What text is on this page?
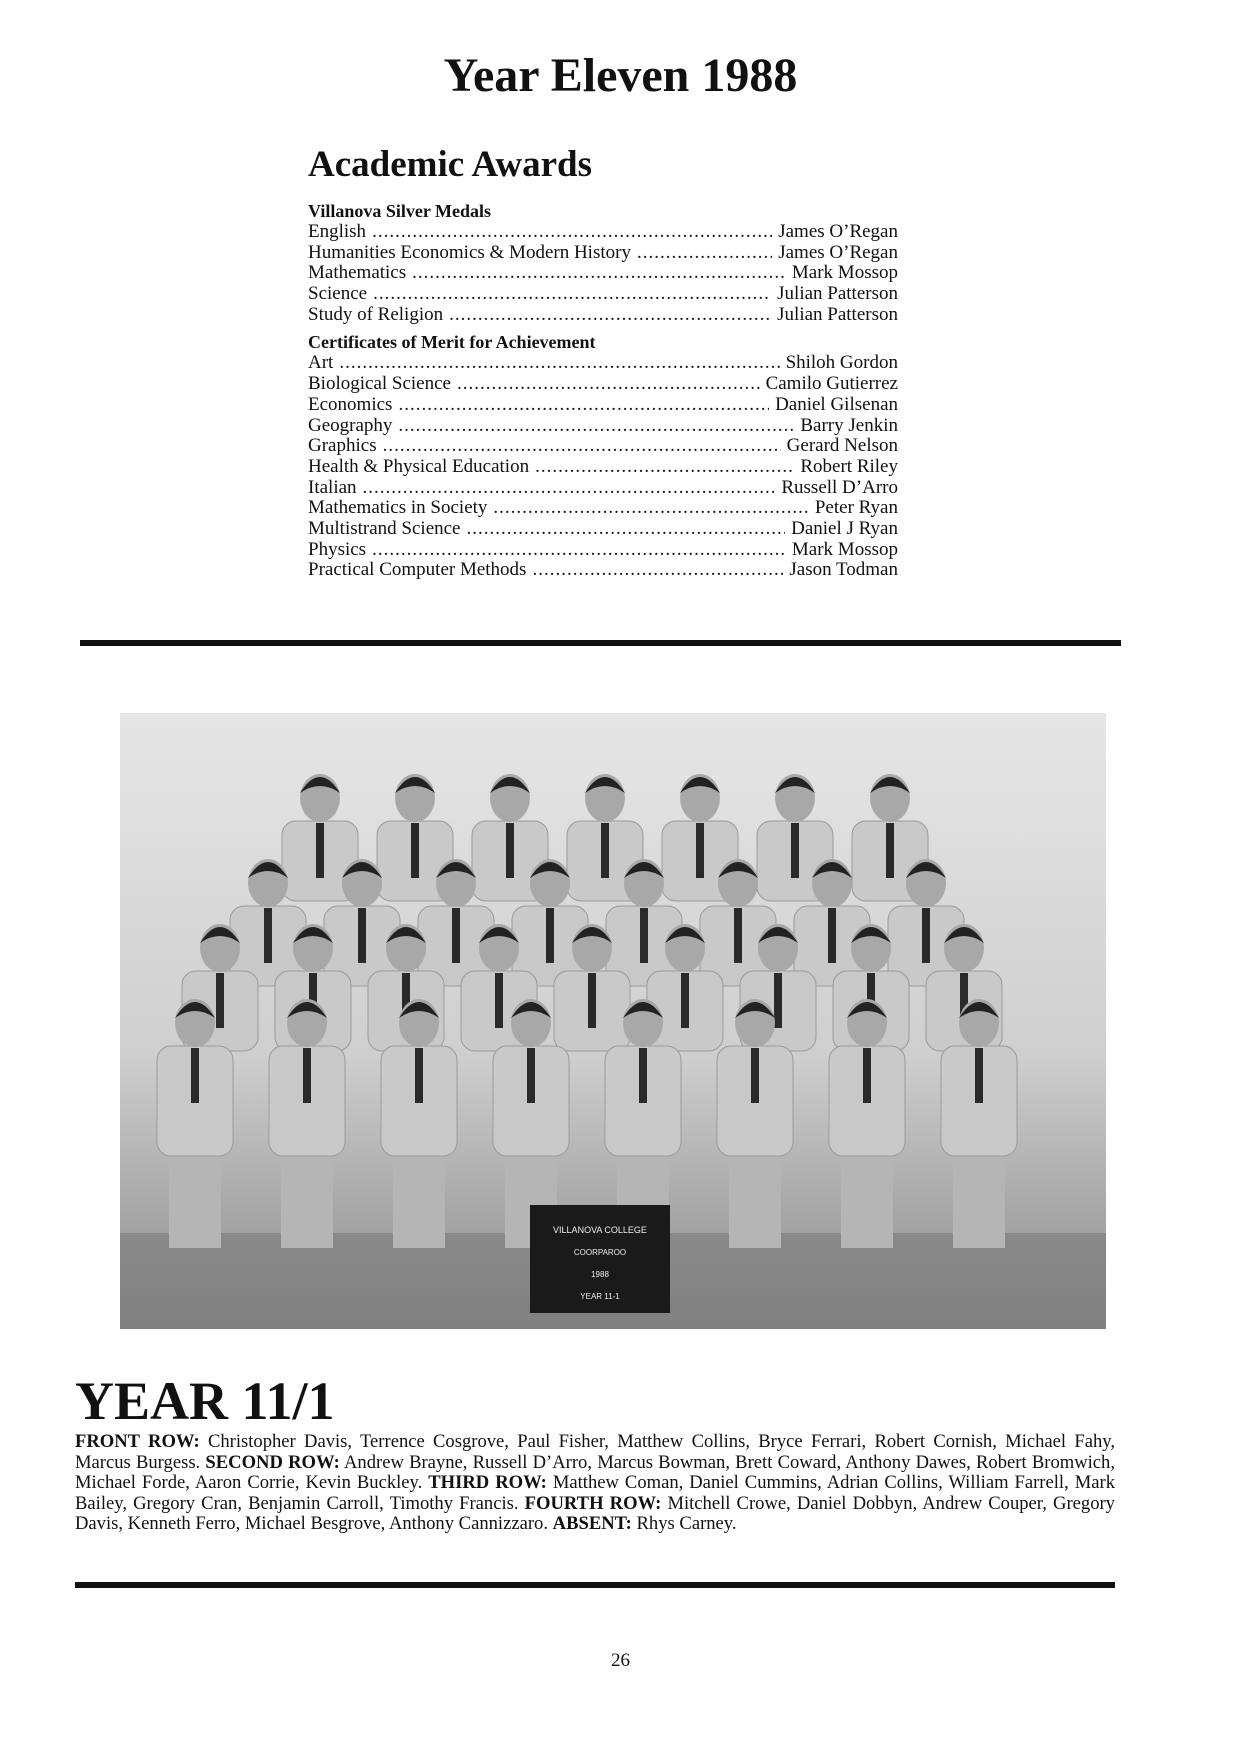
Year Eleven 1988
Academic Awards
Villanova Silver Medals
English .....	James O’Regan
Humanities Economics & Modern History .....	James O’Regan
Mathematics .....	Mark Mossop
Science .....	Julian Patterson
Study of Religion .....	Julian Patterson
Certificates of Merit for Achievement
Art .....	Shiloh Gordon
Biological Science .....	Camilo Gutierrez
Economics .....	Daniel Gilsenan
Geography .....	Barry Jenkin
Graphics .....	Gerard Nelson
Health & Physical Education .....	Robert Riley
Italian .....	Russell D’Arro
Mathematics in Society .....	Peter Ryan
Multistrand Science .....	Daniel J Ryan
Physics .....	Mark Mossop
Practical Computer Methods .....	Jason Todman
VILLANOVA COLLEGE
COORPAROO
1988
YEAR 11-1
YEAR 11/1
FRONT ROW: Christopher Davis, Terrence Cosgrove, Paul Fisher, Matthew Collins, Bryce Ferrari, Robert Cornish, Michael Fahy, Marcus Burgess. SECOND ROW: Andrew Brayne, Russell D’Arro, Marcus Bowman, Brett Coward, Anthony Dawes, Robert Bromwich, Michael Forde, Aaron Corrie, Kevin Buckley. THIRD ROW: Matthew Coman, Daniel Cummins, Adrian Collins, William Farrell, Mark Bailey, Gregory Cran, Benjamin Carroll, Timothy Francis. FOURTH ROW: Mitchell Crowe, Daniel Dobbyn, Andrew Couper, Gregory Davis, Kenneth Ferro, Michael Besgrove, Anthony Cannizzaro. ABSENT: Rhys Carney.
26
